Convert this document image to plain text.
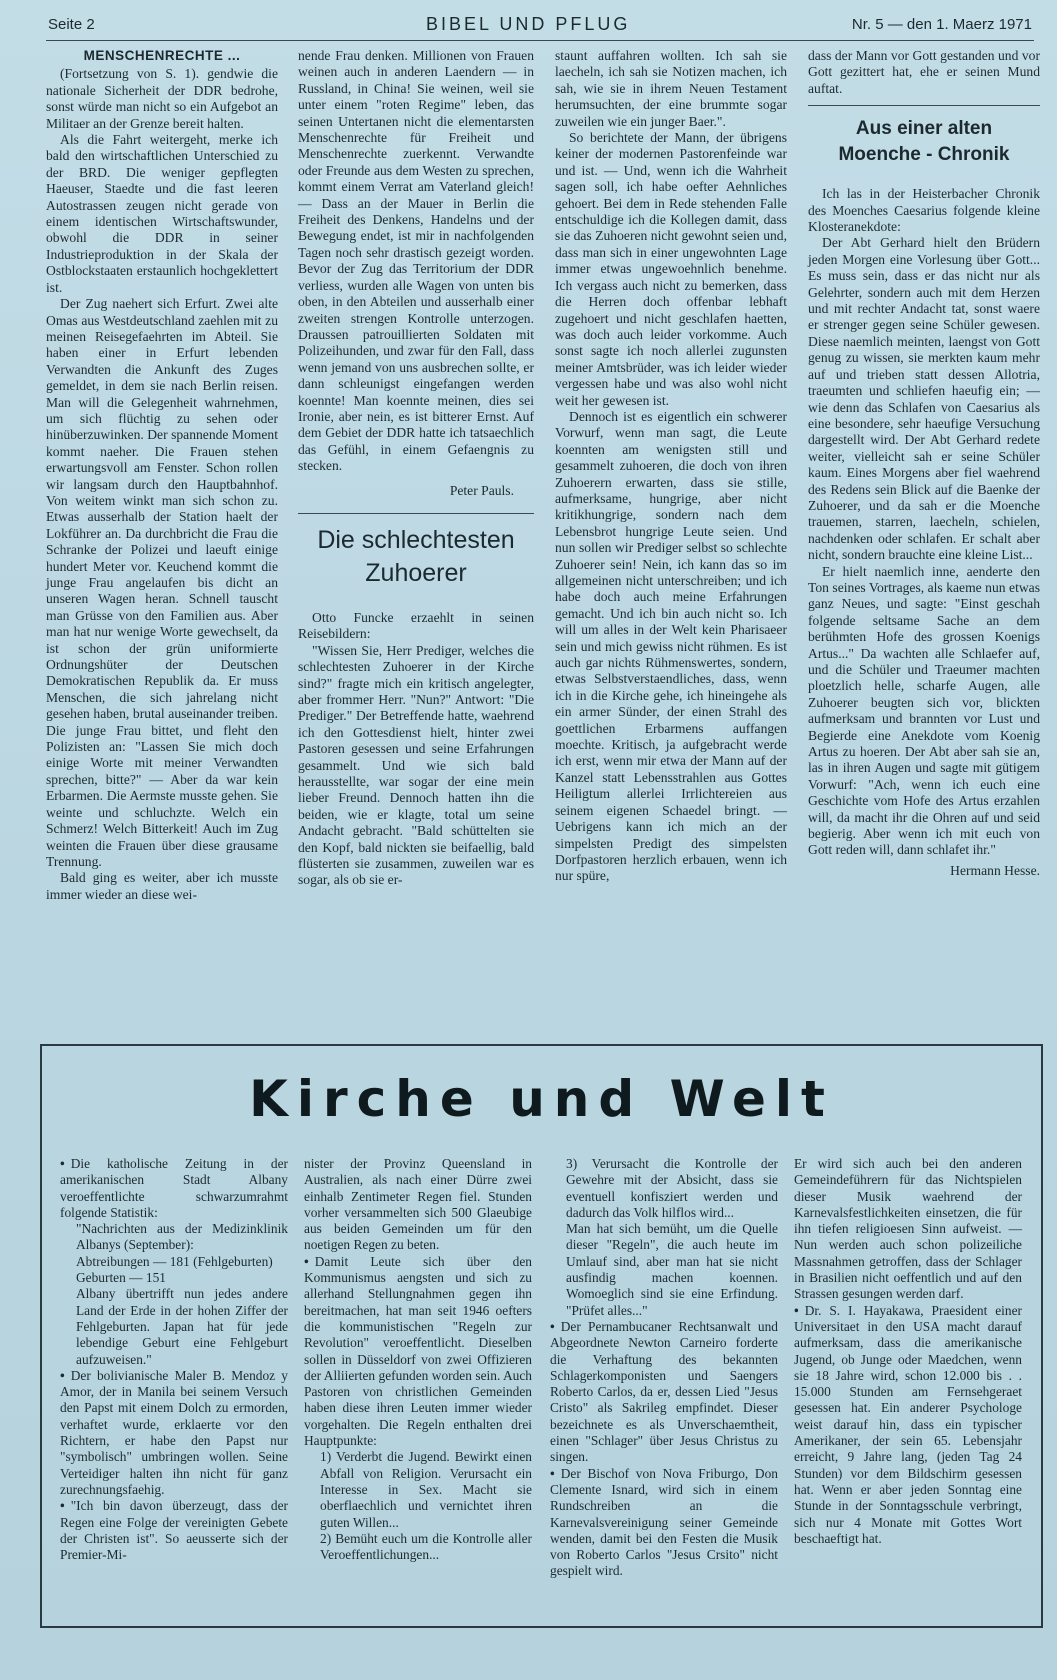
Seite 2	BIBEL UND PFLUG	Nr. 5 — den 1. Maerz 1971
MENSCHENRECHTE ...

(Fortsetzung von S. 1). gendwie die nationale Sicherheit der DDR bedrohe, sonst würde man nicht so ein Aufgebot an Militaer an der Grenze bereit halten.

Als die Fahrt weitergeht, merke ich bald den wirtschaftlichen Unterschied zu der BRD. Die weniger gepflegten Haeuser, Staedte und die fast leeren Autostrassen zeugen nicht gerade von einem identischen Wirtschaftswunder, obwohl die DDR in seiner Industrieproduktion in der Skala der Ostblockstaaten erstaunlich hochgeklettert ist.

Der Zug naehert sich Erfurt. Zwei alte Omas aus Westdeutschland zaehlen mit zu meinen Reisegefaehrten im Abteil. Sie haben einer in Erfurt lebenden Verwandten die Ankunft des Zuges gemeldet, in dem sie nach Berlin reisen. Man will die Gelegenheit wahrnehmen, um sich flüchtig zu sehen oder hinüberzuwinken. Der spannende Moment kommt naeher. Die Frauen stehen erwartungsvoll am Fenster. Schon rollen wir langsam durch den Hauptbahnhof. Von weitem winkt man sich schon zu. Etwas ausserhalb der Station haelt der Lokführer an. Da durchbricht die Frau die Schranke der Polizei und laeuft einige hundert Meter vor. Keuchend kommt die junge Frau angelaufen bis dicht an unseren Wagen heran. Schnell tauscht man Grüsse von den Familien aus. Aber man hat nur wenige Worte gewechselt, da ist schon der grün uniformierte Ordnungshüter der Deutschen Demokratischen Republik da. Er muss Menschen, die sich jahrelang nicht gesehen haben, brutal auseinander treiben. Die junge Frau bittet, und fleht den Polizisten an: "Lassen Sie mich doch einige Worte mit meiner Verwandten sprechen, bitte?" — Aber da war kein Erbarmen. Die Aermste musste gehen. Sie weinte und schluchzte. Welch ein Schmerz! Welch Bitterkeit! Auch im Zug weinten die Frauen über diese grausame Trennung.

Bald ging es weiter, aber ich musste immer wieder an diese wei-

nende Frau denken. Millionen von Frauen weinen auch in anderen Laendern — in Russland, in China! Sie weinen, weil sie unter einem "roten Regime" leben, das seinen Untertanen nicht die elementarsten Menschenrechte für Freiheit und Menschenrechte zuerkennt. Verwandte oder Freunde aus dem Westen zu sprechen, kommt einem Verrat am Vaterland gleich! — Dass an der Mauer in Berlin die Freiheit des Denkens, Handelns und der Bewegung endet, ist mir in nachfolgenden Tagen noch sehr drastisch gezeigt worden. Bevor der Zug das Territorium der DDR verliess, wurden alle Wagen von unten bis oben, in den Abteilen und ausserhalb einer zweiten strengen Kontrolle unterzogen. Draussen patrouillierten Soldaten mit Polizeihunden, und zwar für den Fall, dass wenn jemand von uns ausbrechen sollte, er dann schleunigst eingefangen werden koennte! Man koennte meinen, dies sei Ironie, aber nein, es ist bitterer Ernst. Auf dem Gebiet der DDR hatte ich tatsaechlich das Gefühl, in einem Gefaengnis zu stecken.

Peter Pauls.
Die schlechtesten
Zuhoerer

Otto Funcke erzaehlt in seinen Reisebildern:

"Wissen Sie, Herr Prediger, welches die schlechtesten Zuhoerer in der Kirche sind?" fragte mich ein kritisch angelegter, aber frommer Herr. "Nun?" Antwort: "Die Prediger." Der Betreffende hatte, waehrend ich den Gottesdienst hielt, hinter zwei Pastoren gesessen und seine Erfahrungen gesammelt. Und wie sich bald herausstellte, war sogar der eine mein lieber Freund. Dennoch hatten ihn die beiden, wie er klagte, total um seine Andacht gebracht. "Bald schüttelten sie den Kopf, bald nickten sie beifaellig, bald flüsterten sie zusammen, zuweilen war es sogar, als ob sie er-

staunt auffahren wollten. Ich sah sie laecheln, ich sah sie Notizen machen, ich sah, wie sie in ihrem Neuen Testament herumsuchten, der eine brummte sogar zuweilen wie ein junger Baer.".

So berichtete der Mann, der übrigens keiner der modernen Pastorenfeinde war und ist. — Und, wenn ich die Wahrheit sagen soll, ich habe oefter Aehnliches gehoert. Bei dem in Rede stehenden Falle entschuldige ich die Kollegen damit, dass sie das Zuhoeren nicht gewohnt seien und, dass man sich in einer ungewohnten Lage immer etwas ungewoehnlich benehme. Ich vergass auch nicht zu bemerken, dass die Herren doch offenbar lebhaft zugehoert und nicht geschlafen haetten, was doch auch leider vorkomme. Auch sonst sagte ich noch allerlei zugunsten meiner Amtsbrüder, was ich leider wieder vergessen habe und was also wohl nicht weit her gewesen ist.

Dennoch ist es eigentlich ein schwerer Vorwurf, wenn man sagt, die Leute koennten am wenigsten still und gesammelt zuhoeren, die doch von ihren Zuhoerern erwarten, dass sie stille, aufmerksame, hungrige, aber nicht kritikhungrige, sondern nach dem Lebensbrot hungrige Leute seien. Und nun sollen wir Prediger selbst so schlechte Zuhoerer sein! Nein, ich kann das so im allgemeinen nicht unterschreiben; und ich habe doch auch meine Erfahrungen gemacht. Und ich bin auch nicht so. Ich will um alles in der Welt kein Pharisaeer sein und mich gewiss nicht rühmen. Es ist auch gar nichts Rühmenswertes, sondern, etwas Selbstverstaendliches, dass, wenn ich in die Kirche gehe, ich hineingehe als ein armer Sünder, der einen Strahl des goettlichen Erbarmens auffangen moechte. Kritisch, ja aufgebracht werde ich erst, wenn mir etwa der Mann auf der Kanzel statt Lebensstrahlen aus Gottes Heiligtum allerlei Irrlichtereien aus seinem eigenen Schaedel bringt. — Uebrigens kann ich mich an der simpelsten Predigt des simpelsten Dorfpastoren herzlich erbauen, wenn ich nur spüre,

dass der Mann vor Gott gestanden und vor Gott gezittert hat, ehe er seinen Mund auftat.

Aus einer alten
Moenche - Chronik

Ich las in der Heisterbacher Chronik des Moenches Caesarius folgende kleine Klosteranekdote:

Der Abt Gerhard hielt den Brüdern jeden Morgen eine Vorlesung über Gott... Es muss sein, dass er das nicht nur als Gelehrter, sondern auch mit dem Herzen und mit rechter Andacht tat, sonst waere er strenger gegen seine Schüler gewesen. Diese naemlich meinten, laengst von Gott genug zu wissen, sie merkten kaum mehr auf und trieben statt dessen Allotria, traeumten und schliefen haeufig ein; — wie denn das Schlafen von Caesarius als eine besondere, sehr haeufige Versuchung dargestellt wird. Der Abt Gerhard redete weiter, vielleicht sah er seine Schüler kaum. Eines Morgens aber fiel waehrend des Redens sein Blick auf die Baenke der Zuhoerer, und da sah er die Moenche trauemen, starren, laecheln, schielen, nachdenken oder schlafen. Er schalt aber nicht, sondern brauchte eine kleine List...

Er hielt naemlich inne, aenderte den Ton seines Vortrages, als kaeme nun etwas ganz Neues, und sagte: "Einst geschah folgende seltsame Sache an dem berühmten Hofe des grossen Koenigs Artus..." Da wachten alle Schlaefer auf, und die Schüler und Traeumer machten ploetzlich helle, scharfe Augen, alle Zuhoerer beugten sich vor, blickten aufmerksam und brannten vor Lust und Begierde eine Anekdote vom Koenig Artus zu hoeren. Der Abt aber sah sie an, las in ihren Augen und sagte mit gütigem Vorwurf: "Ach, wenn ich euch eine Geschichte vom Hofe des Artus erzahlen will, da macht ihr die Ohren auf und seid begierig. Aber wenn ich mit euch von Gott reden will, dann schlafet ihr."

Hermann Hesse.
Kirche und Welt

• Die katholische Zeitung in der amerikanischen Stadt Albany veroeffentlichte schwarzumrahmt folgende Statistik:

"Nachrichten aus der Medizinklinik Albanys (September):

Abtreibungen — 181 (Fehlgeburten)

Geburten — 151

Albany übertrifft nun jedes andere Land der Erde in der hohen Ziffer der Fehlgeburten. Japan hat für jede lebendige Geburt eine Fehlgeburt aufzuweisen."

• Der bolivianische Maler B. Mendoz y Amor, der in Manila bei seinem Versuch den Papst mit einem Dolch zu ermorden, verhaftet wurde, erklaerte vor den Richtern, er habe den Papst nur "symbolisch" umbringen wollen. Seine Verteidiger halten ihn nicht für ganz zurechnungsfaehig.

• "Ich bin davon überzeugt, dass der Regen eine Folge der vereinigten Gebete der Christen ist". So aeusserte sich der Premier-Mi-

nister der Provinz Queensland in Australien, als nach einer Dürre zwei einhalb Zentimeter Regen fiel. Stunden vorher versammelten sich 500 Glaeubige aus beiden Gemeinden um für den noetigen Regen zu beten.

• Damit Leute sich über den Kommunismus aengsten und sich zu allerhand Stellungnahmen gegen ihn bereitmachen, hat man seit 1946 oefters die kommunistischen "Regeln zur Revolution" veroeffentlicht. Dieselben sollen in Düsseldorf von zwei Offizieren der Alliierten gefunden worden sein. Auch Pastoren von christlichen Gemeinden haben diese ihren Leuten immer wieder vorgehalten. Die Regeln enthalten drei Hauptpunkte:

1) Verderbt die Jugend. Bewirkt einen Abfall von Religion. Verursacht ein Interesse in Sex. Macht sie oberflaechlich und vernichtet ihren guten Willen...

2) Bemüht euch um die Kontrolle aller Veroeffentlichungen...

3) Verursacht die Kontrolle der Gewehre mit der Absicht, dass sie eventuell konfisziert werden und dadurch das Volk hilflos wird...

Man hat sich bemüht, um die Quelle dieser "Regeln", die auch heute im Umlauf sind, aber man hat sie nicht ausfindig machen koennen. Womoeglich sind sie eine Erfindung. "Prüfet alles..."

• Der Pernambucaner Rechtsanwalt und Abgeordnete Newton Carneiro forderte die Verhaftung des bekannten Schlagerkomponisten und Saengers Roberto Carlos, da er, dessen Lied "Jesus Cristo" als Sakrileg empfindet. Dieser bezeichnete es als Unverschaemtheit, einen "Schlager" über Jesus Christus zu singen.

• Der Bischof von Nova Friburgo, Don Clemente Isnard, wird sich in einem Rundschreiben an die Karnevalsvereinigung seiner Gemeinde wenden, damit bei den Festen die Musik von Roberto Carlos "Jesus Crsito" nicht gespielt wird.

Er wird sich auch bei den anderen Gemeindeführern für das Nichtspielen dieser Musik waehrend der Karnevalsfestlichkeiten einsetzen, die für ihn tiefen religioesen Sinn aufweist. — Nun werden auch schon polizeiliche Massnahmen getroffen, dass der Schlager in Brasilien nicht oeffentlich und auf den Strassen gesungen werden darf.

• Dr. S. I. Hayakawa, Praesident einer Universitaet in den USA macht darauf aufmerksam, dass die amerikanische Jugend, ob Junge oder Maedchen, wenn sie 18 Jahre wird, schon 12.000 bis . . 15.000 Stunden am Fernsehgeraet gesessen hat. Ein anderer Psychologe weist darauf hin, dass ein typischer Amerikaner, der sein 65. Lebensjahr erreicht, 9 Jahre lang, (jeden Tag 24 Stunden) vor dem Bildschirm gesessen hat. Wenn er aber jeden Sonntag eine Stunde in der Sonntagsschule verbringt, sich nur 4 Monate mit Gottes Wort beschaeftigt hat.
